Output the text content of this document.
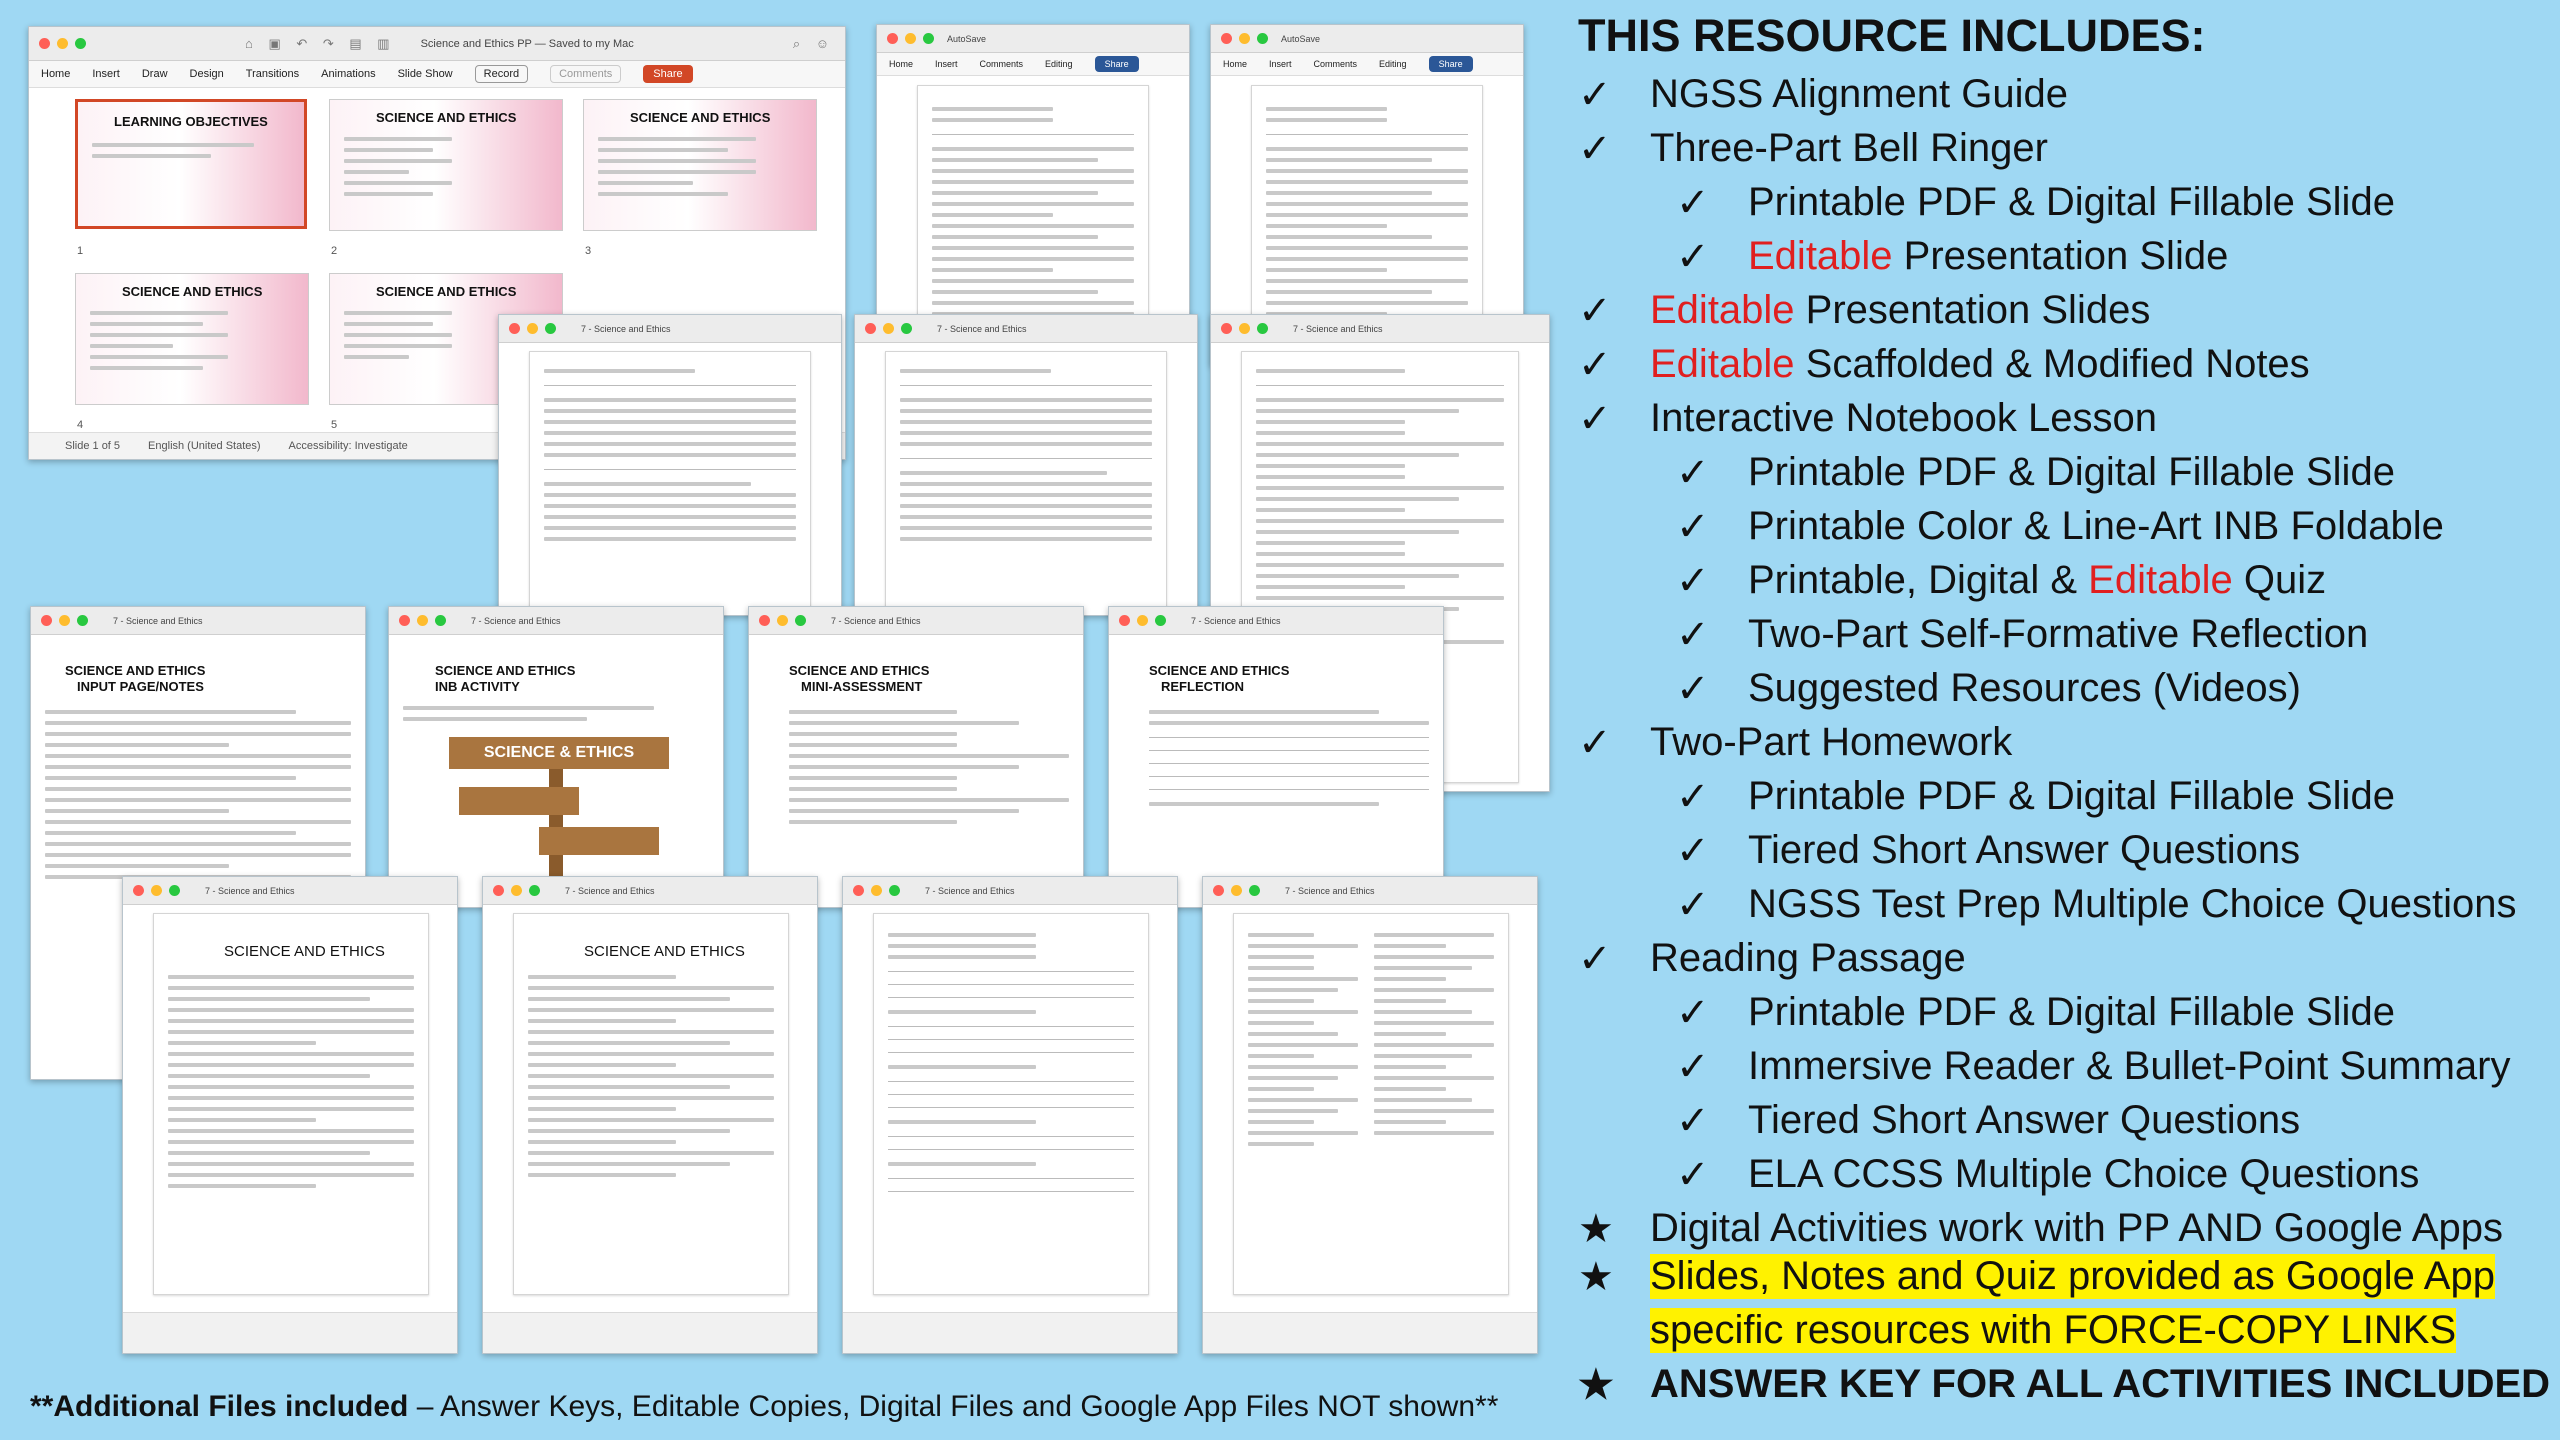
⌂ ▣ ↶ ↷ ▤ ▥ Science and Ethics PP — Saved to my Mac	⌕ ☺
Home Insert Draw Design Transitions Animations Slide Show	Record	Comments	Share
LEARNING OBJECTIVES
1
SCIENCE AND ETHICS
2
SCIENCE AND ETHICS
3
SCIENCE AND ETHICS
4
SCIENCE AND ETHICS
5
Slide 1 of 5	English (United States)	Accessibility: Investigate
AutoSave
Home Insert Comments Editing	Share
AutoSave
Home Insert Comments Editing	Share
7 - Science and Ethics	7 - Science and Ethics	7 - Science and Ethics
7 - Science and Ethics
SCIENCE AND ETHICS
INPUT PAGE/NOTES
7 - Science and Ethics
SCIENCE AND ETHICS
INB ACTIVITY
SCIENCE & ETHICS
7 - Science and Ethics
SCIENCE AND ETHICS
MINI-ASSESSMENT
7 - Science and Ethics
SCIENCE AND ETHICS
REFLECTION
7 - Science and Ethics
SCIENCE AND ETHICS
7 - Science and Ethics
SCIENCE AND ETHICS
7 - Science and Ethics	7 - Science and Ethics
THIS RESOURCE INCLUDES:
✓ NGSS Alignment Guide
✓ Three-Part Bell Ringer
✓ Printable PDF & Digital Fillable Slide
✓ Editable Presentation Slide
✓ Editable Presentation Slides
✓ Editable Scaffolded & Modified Notes
✓ Interactive Notebook Lesson
✓ Printable PDF & Digital Fillable Slide
✓ Printable Color & Line-Art INB Foldable
✓ Printable, Digital & Editable Quiz
✓ Two-Part Self-Formative Reflection
✓ Suggested Resources (Videos)
✓ Two-Part Homework
✓ Printable PDF & Digital Fillable Slide
✓ Tiered Short Answer Questions
✓ NGSS Test Prep Multiple Choice Questions
✓ Reading Passage
✓ Printable PDF & Digital Fillable Slide
✓ Immersive Reader & Bullet-Point Summary
✓ Tiered Short Answer Questions
✓ ELA CCSS Multiple Choice Questions
★ Digital Activities work with PP AND Google Apps
★ Slides, Notes and Quiz provided as Google App
specific resources with FORCE-COPY LINKS
★ ANSWER KEY FOR ALL ACTIVITIES INCLUDED
**Additional Files included – Answer Keys, Editable Copies, Digital Files and Google App Files NOT shown**
